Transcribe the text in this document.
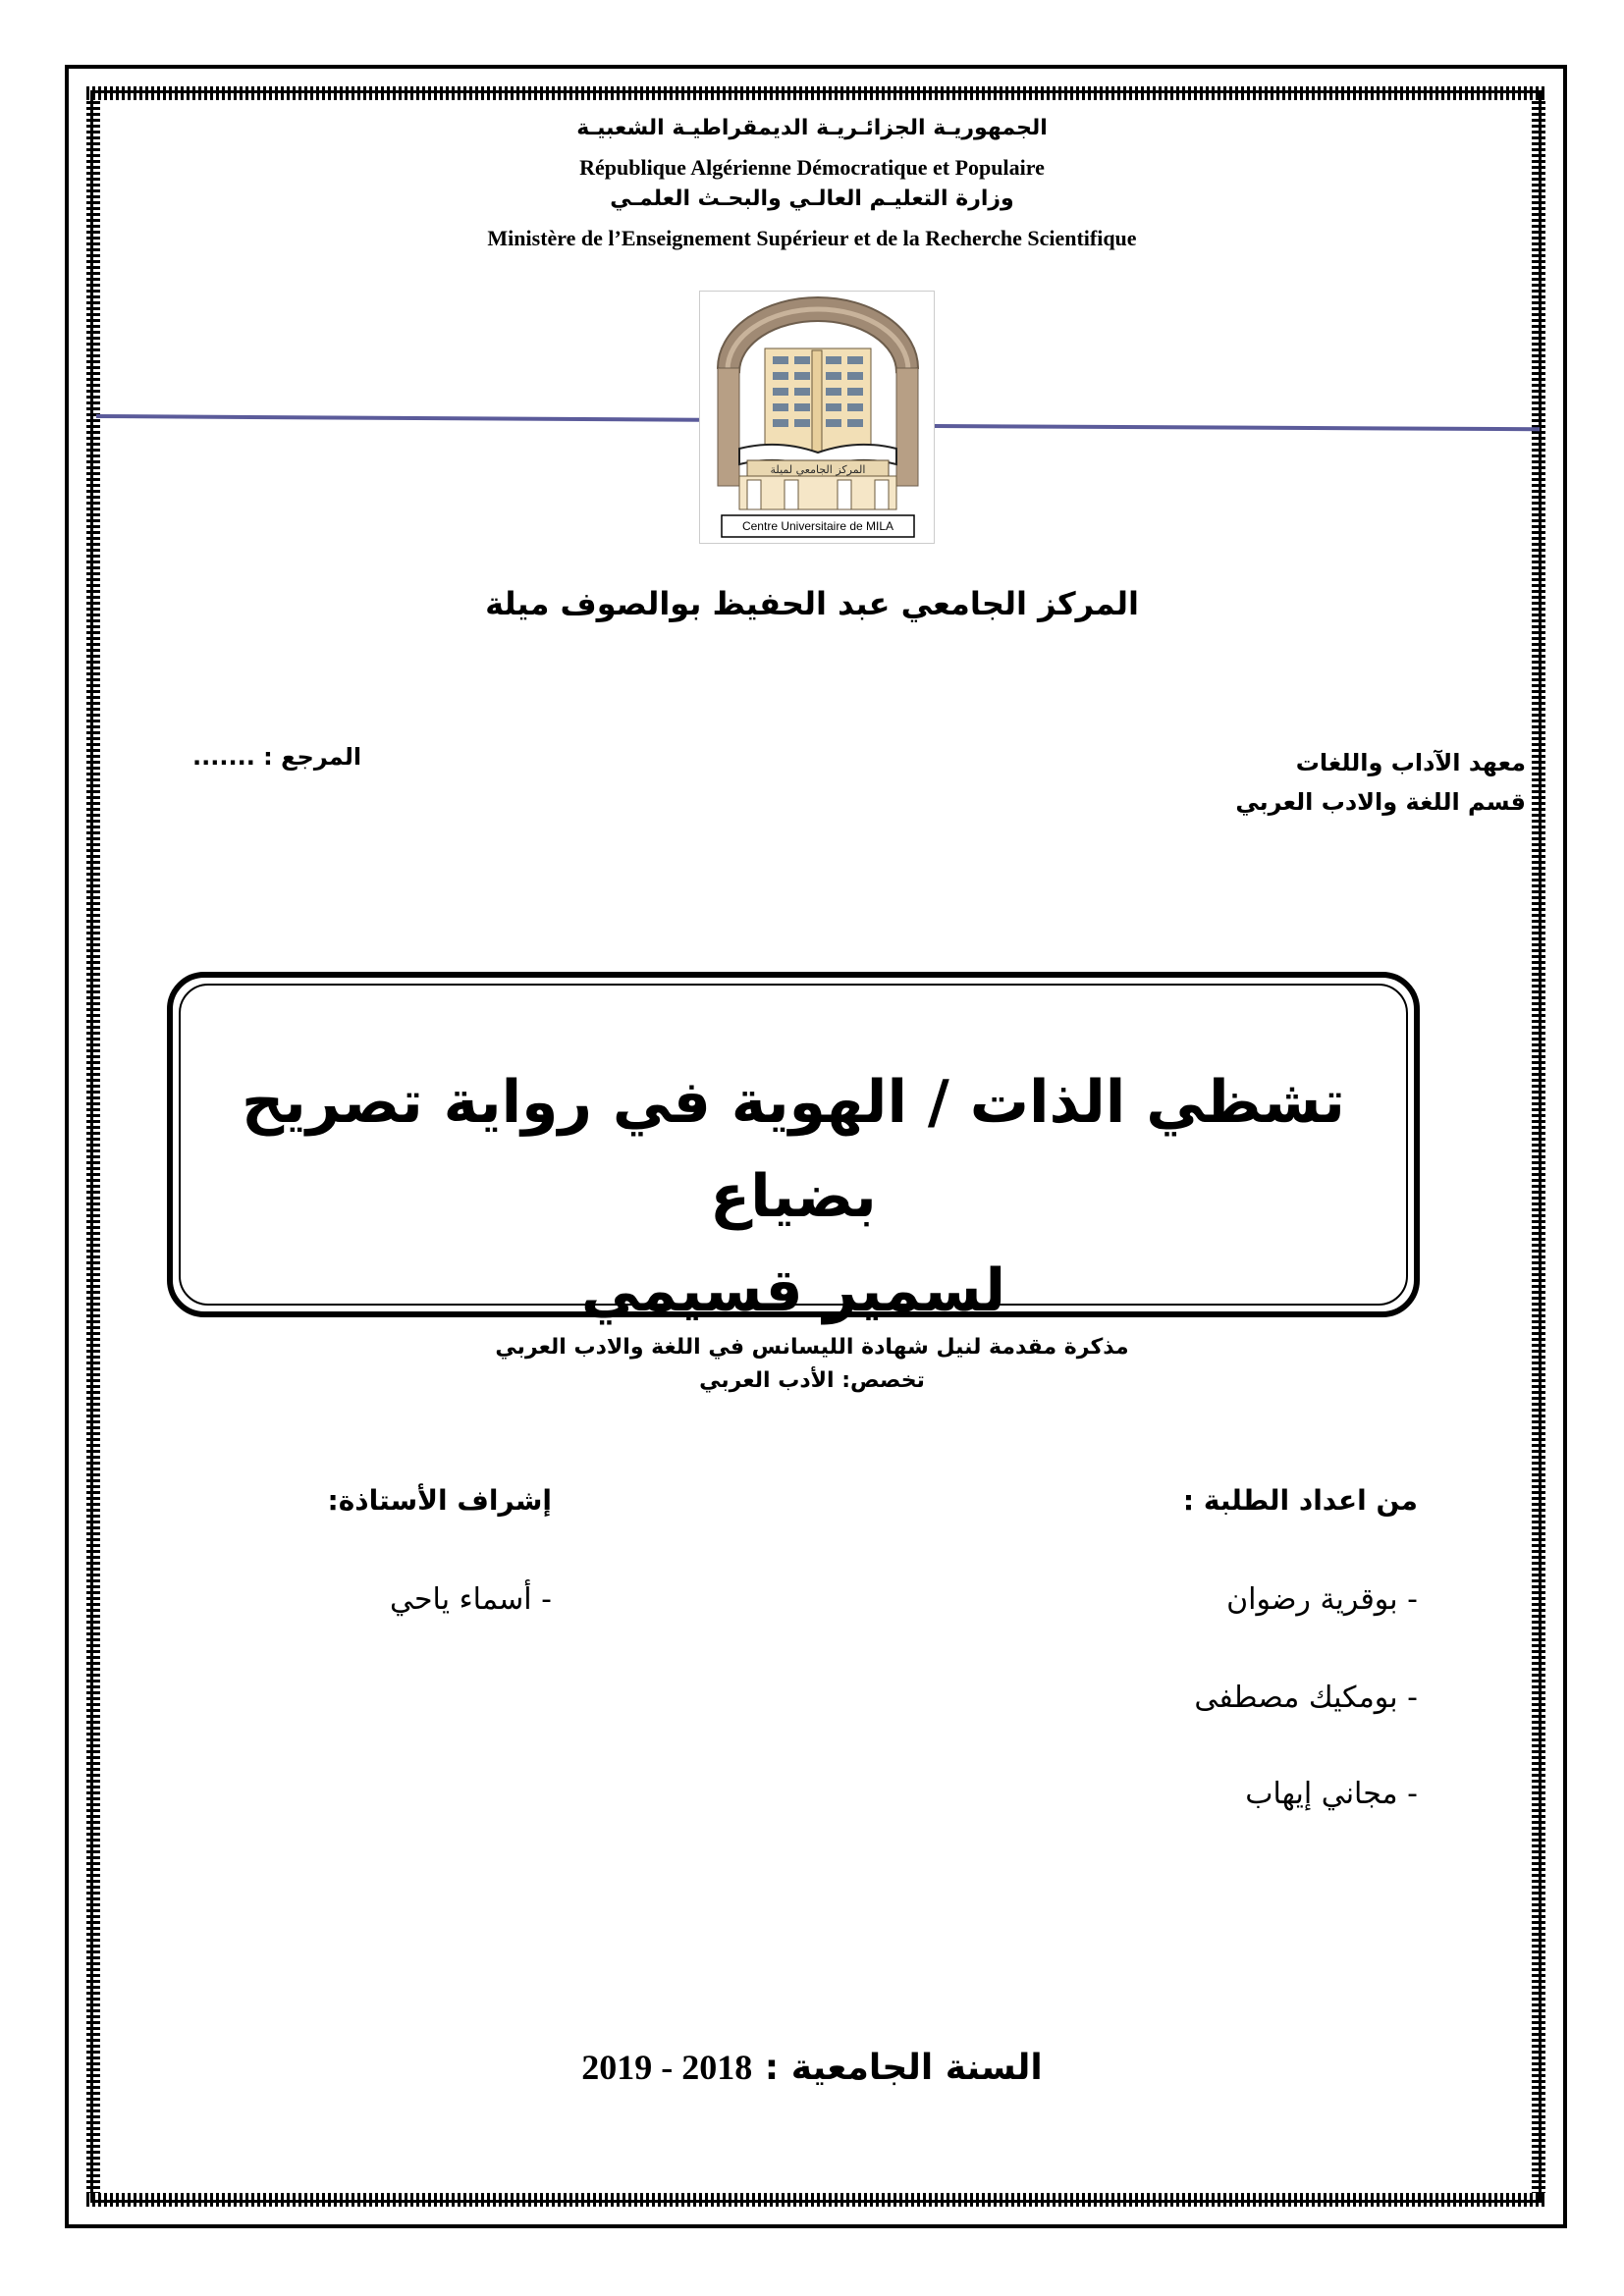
الجمهوريـة الجزائـريـة الديمقراطيـة الشعبيـة
République Algérienne Démocratique et Populaire
وزارة التعليـم العالـي والبحـث العلمـي
Ministère de l’Enseignement Supérieur et de la Recherche Scientifique
المركز الجامعي لميلة
Centre Universitaire de MILA
المركز الجامعي عبد الحفيظ بوالصوف ميلة
معهد الآداب واللغات
قسم اللغة والادب العربي
المرجع : .......
تشظي الذات / الهوية في رواية تصريح بضياع
لسمير قسيمي
مذكرة مقدمة لنيل شهادة الليسانس في اللغة والادب العربي
تخصص: الأدب العربي
من اعداد الطلبة :
إشراف الأستاذة:
- بوقرية رضوان
- بومكيك مصطفى
- مجاني إيهاب
- أسماء ياحي
السنة الجامعية : 2019 - 2018
